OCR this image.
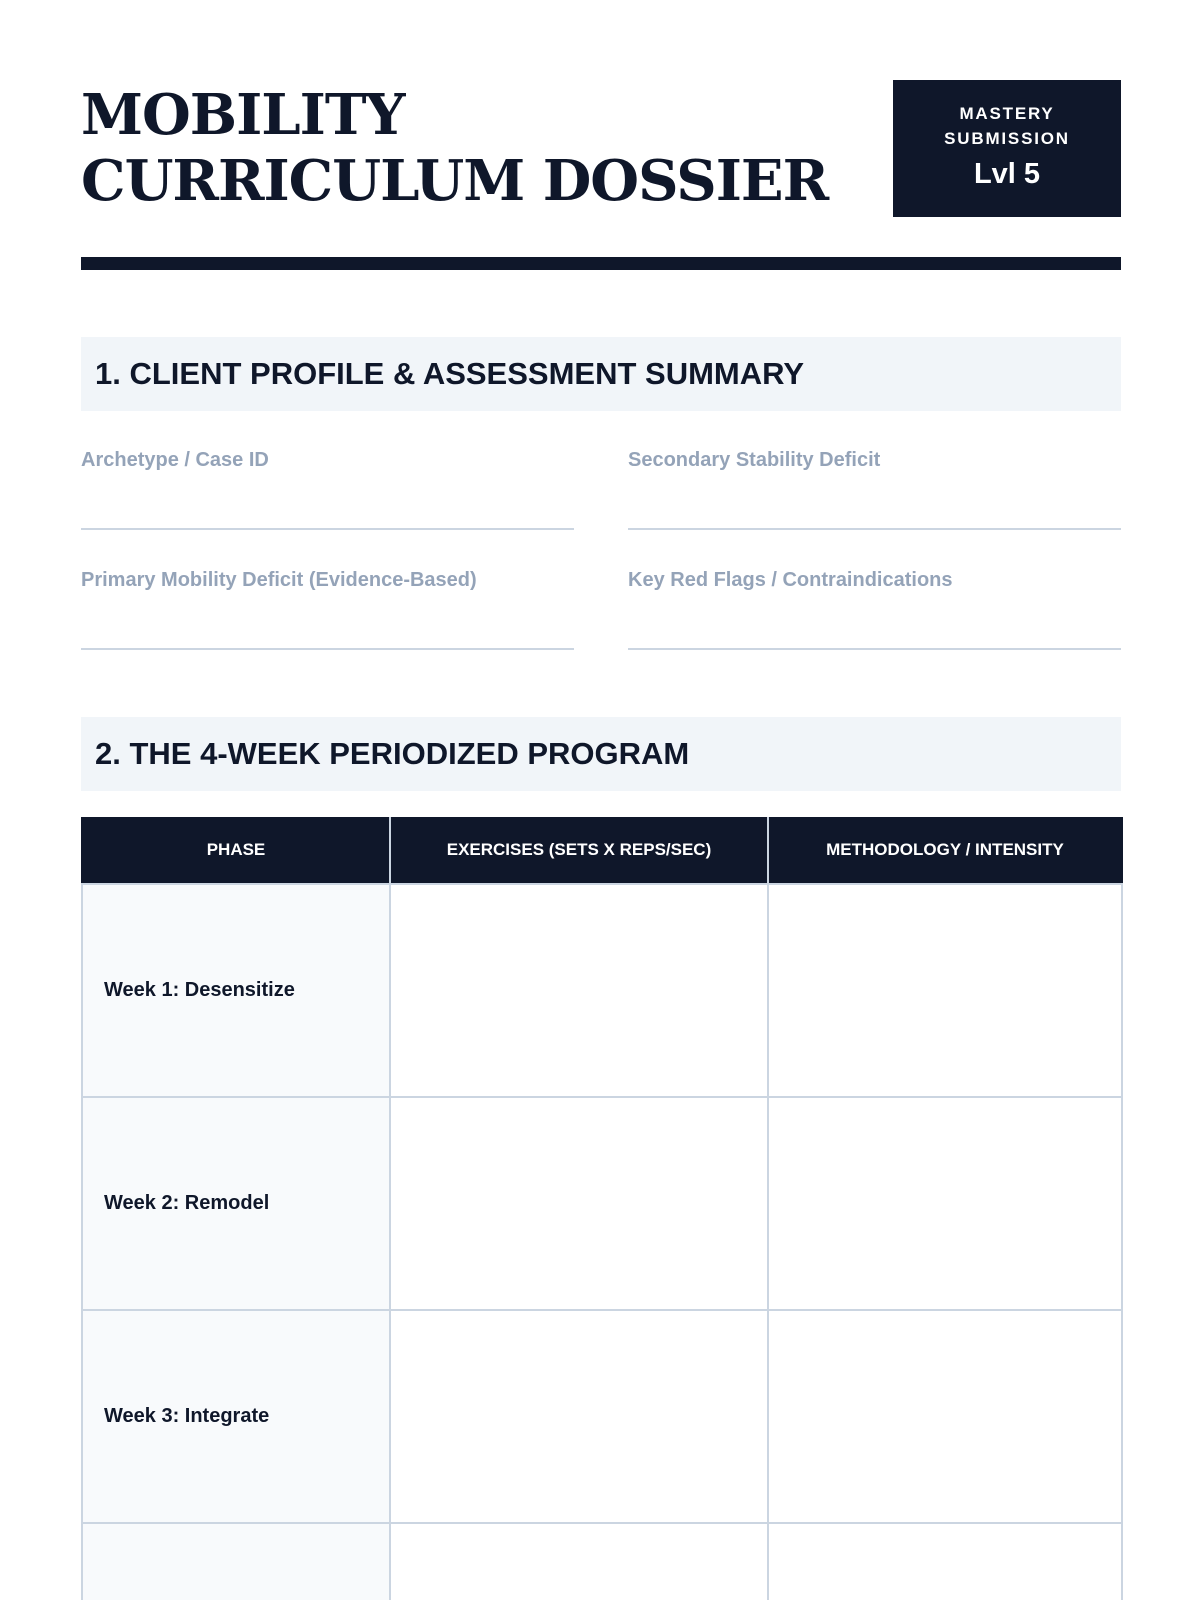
MOBILITY CURRICULUM DOSSIER
MASTERY SUBMISSION
Lvl 5
1. CLIENT PROFILE & ASSESSMENT SUMMARY
Archetype / Case ID	Secondary Stability Deficit
Primary Mobility Deficit (Evidence-Based)	Key Red Flags / Contraindications
2. THE 4-WEEK PERIODIZED PROGRAM
PHASE	EXERCISES (SETS X REPS/SEC)	METHODOLOGY / INTENSITY
Week 1: Desensitize		
Week 2: Remodel		
Week 3: Integrate		
